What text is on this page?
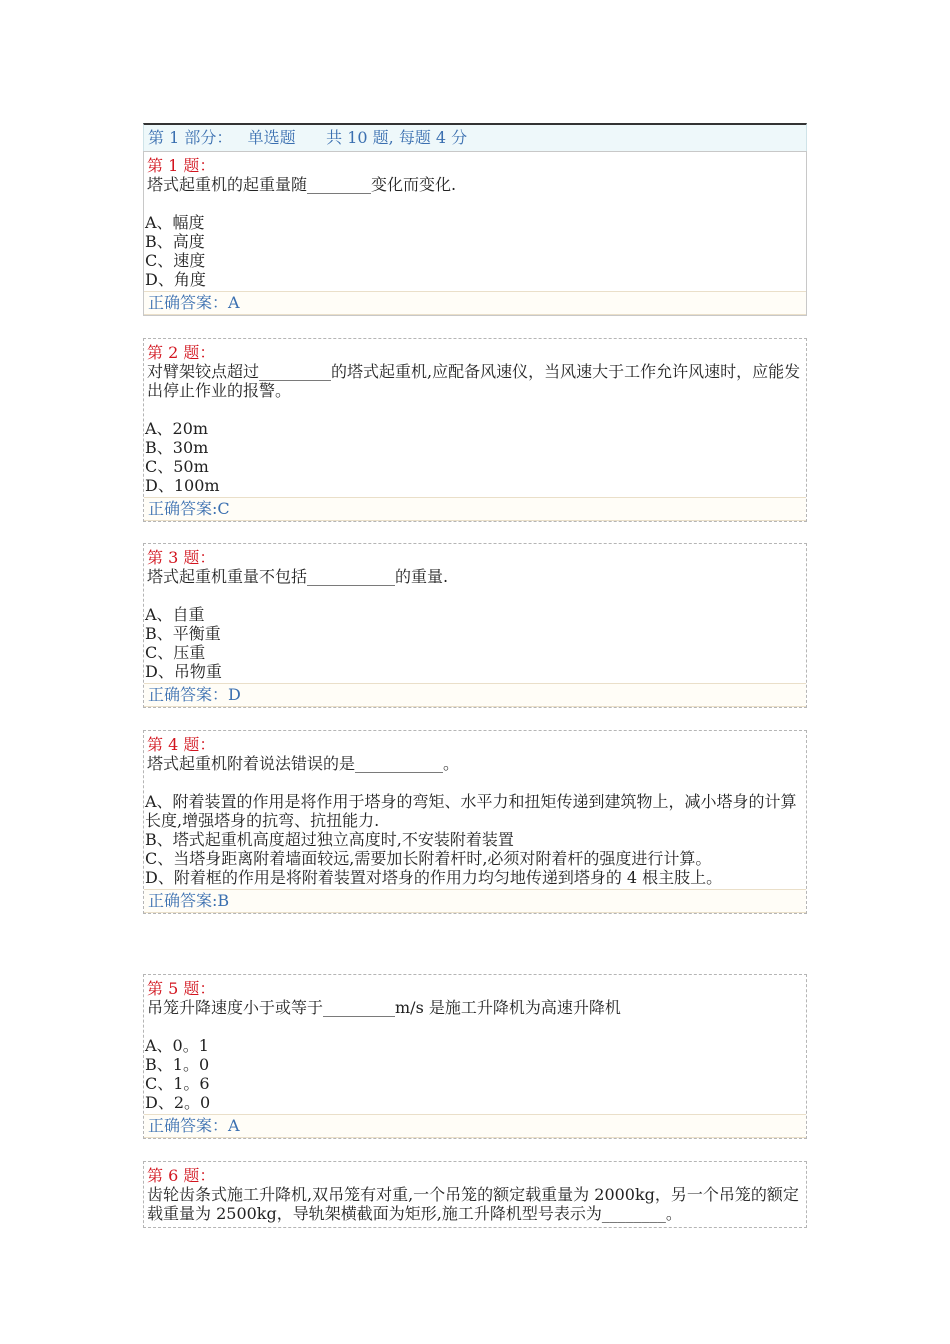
第 1 部分：   单选题      共 10 题, 每题 4 分
第 1 题：
塔式起重机的起重量随________变化而变化.
A、幅度
B、高度
C、速度
D、角度
正确答案：A
第 2 题：
对臂架铰点超过_________的塔式起重机,应配备风速仪，当风速大于工作允许风速时，应能发出停止作业的报警。
A、20m
B、30m
C、50m
D、100m
正确答案:C
第 3 题：
塔式起重机重量不包括___________的重量.
A、自重
B、平衡重
C、压重
D、吊物重
正确答案：D
第 4 题：
塔式起重机附着说法错误的是___________。
A、附着装置的作用是将作用于塔身的弯矩、水平力和扭矩传递到建筑物上，减小塔身的计算长度,增强塔身的抗弯、抗扭能力.
B、塔式起重机高度超过独立高度时,不安装附着装置
C、当塔身距离附着墙面较远,需要加长附着杆时,必须对附着杆的强度进行计算。
D、附着框的作用是将附着装置对塔身的作用力均匀地传递到塔身的 4 根主肢上。
正确答案:B
第 5 题：
吊笼升降速度小于或等于_________m/s 是施工升降机为高速升降机
A、0。1
B、1。0
C、1。6
D、2。0
正确答案：A
第 6 题：
齿轮齿条式施工升降机,双吊笼有对重,一个吊笼的额定载重量为 2000kg，另一个吊笼的额定载重量为 2500kg，导轨架横截面为矩形,施工升降机型号表示为________。
